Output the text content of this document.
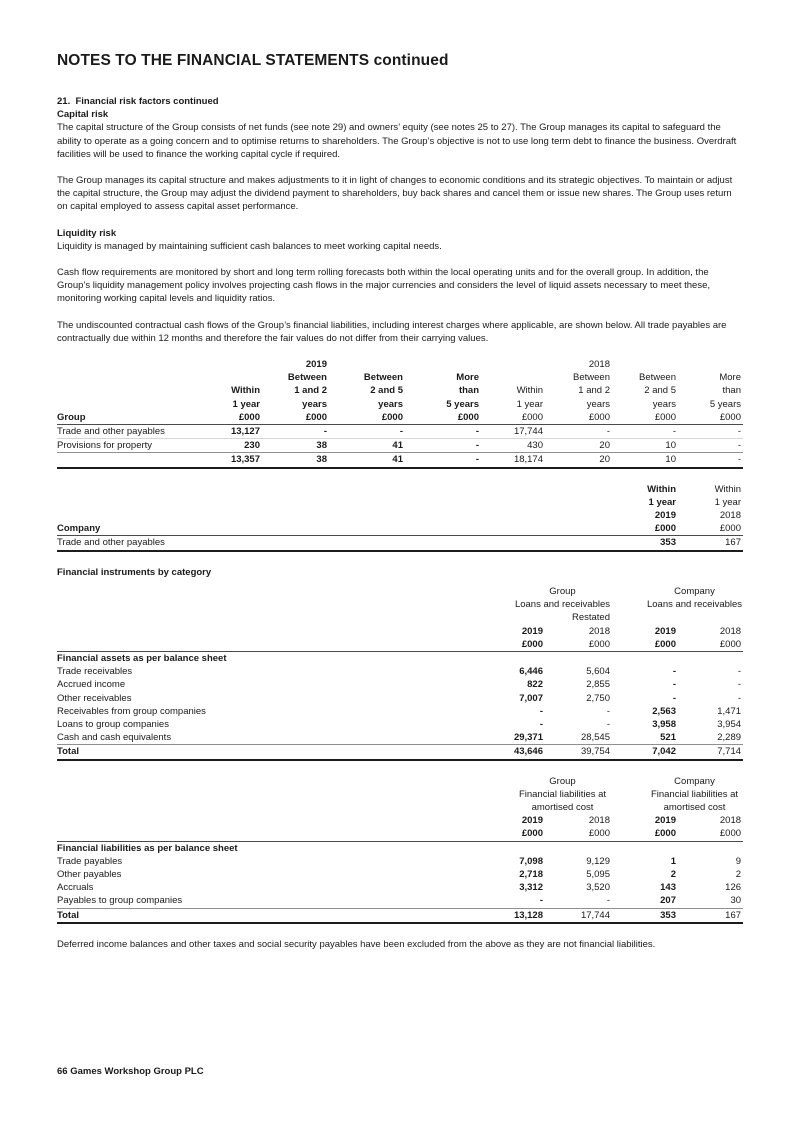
NOTES TO THE FINANCIAL STATEMENTS continued
21.  Financial risk factors continued
Capital risk

The capital structure of the Group consists of net funds (see note 29) and owners’ equity (see notes 25 to 27). The Group manages its capital to safeguard the ability to operate as a going concern and to optimise returns to shareholders. The Group’s objective is not to use long term debt to finance the business. Overdraft facilities will be used to finance the working capital cycle if required.

The Group manages its capital structure and makes adjustments to it in light of changes to economic conditions and its strategic objectives. To maintain or adjust the capital structure, the Group may adjust the dividend payment to shareholders, buy back shares and cancel them or issue new shares. The Group uses return on capital employed to assess capital asset performance.

Liquidity risk

Liquidity is managed by maintaining sufficient cash balances to meet working capital needs.

Cash flow requirements are monitored by short and long term rolling forecasts both within the local operating units and for the overall group. In addition, the Group’s liquidity management policy involves projecting cash flows in the major currencies and considers the level of liquid assets necessary to meet these, monitoring working capital levels and liquidity ratios.

The undiscounted contractual cash flows of the Group’s financial liabilities, including interest charges where applicable, are shown below. All trade payables are contractually due within 12 months and therefore the fair values do not differ from their carrying values.

		2019				2018		
		Between	Between	More		Between	Between	More
	Within	1 and 2	2 and 5	than	Within	1 and 2	2 and 5	than
	1 year	years	years	5 years	1 year	years	years	5 years
Group	£000	£000	£000	£000	£000	£000	£000	£000
Trade and other payables	13,127	-	-	-	17,744	-	-	-
Provisions for property	230	38	41	-	430	20	10	-
	13,357	38	41	-	18,174	20	10	-
	Within	Within
	1 year	1 year
	2019	2018
Company	£000	£000
Trade and other payables	353	167
Financial instruments by category
	Group		Company	
	Loans and receivables		Loans and receivables	
		Restated		
	2019	2018	2019	2018
	£000	£000	£000	£000
Financial assets as per balance sheet				
Trade receivables	6,446	5,604	-	-
Accrued income	822	2,855	-	-
Other receivables	7,007	2,750	-	-
Receivables from group companies	-	-	2,563	1,471
Loans to group companies	-	-	3,958	3,954
Cash and cash equivalents	29,371	28,545	521	2,289
Total	43,646	39,754	7,042	7,714
	Group		Company	
	Financial liabilities at		Financial liabilities at	
	amortised cost		amortised cost	
	2019	2018	2019	2018
	£000	£000	£000	£000
Financial liabilities as per balance sheet				
Trade payables	7,098	9,129	1	9
Other payables	2,718	5,095	2	2
Accruals	3,312	3,520	143	126
Payables to group companies	-	-	207	30
Total	13,128	17,744	353	167

Deferred income balances and other taxes and social security payables have been excluded from the above as they are not financial liabilities.

66 Games Workshop Group PLC
